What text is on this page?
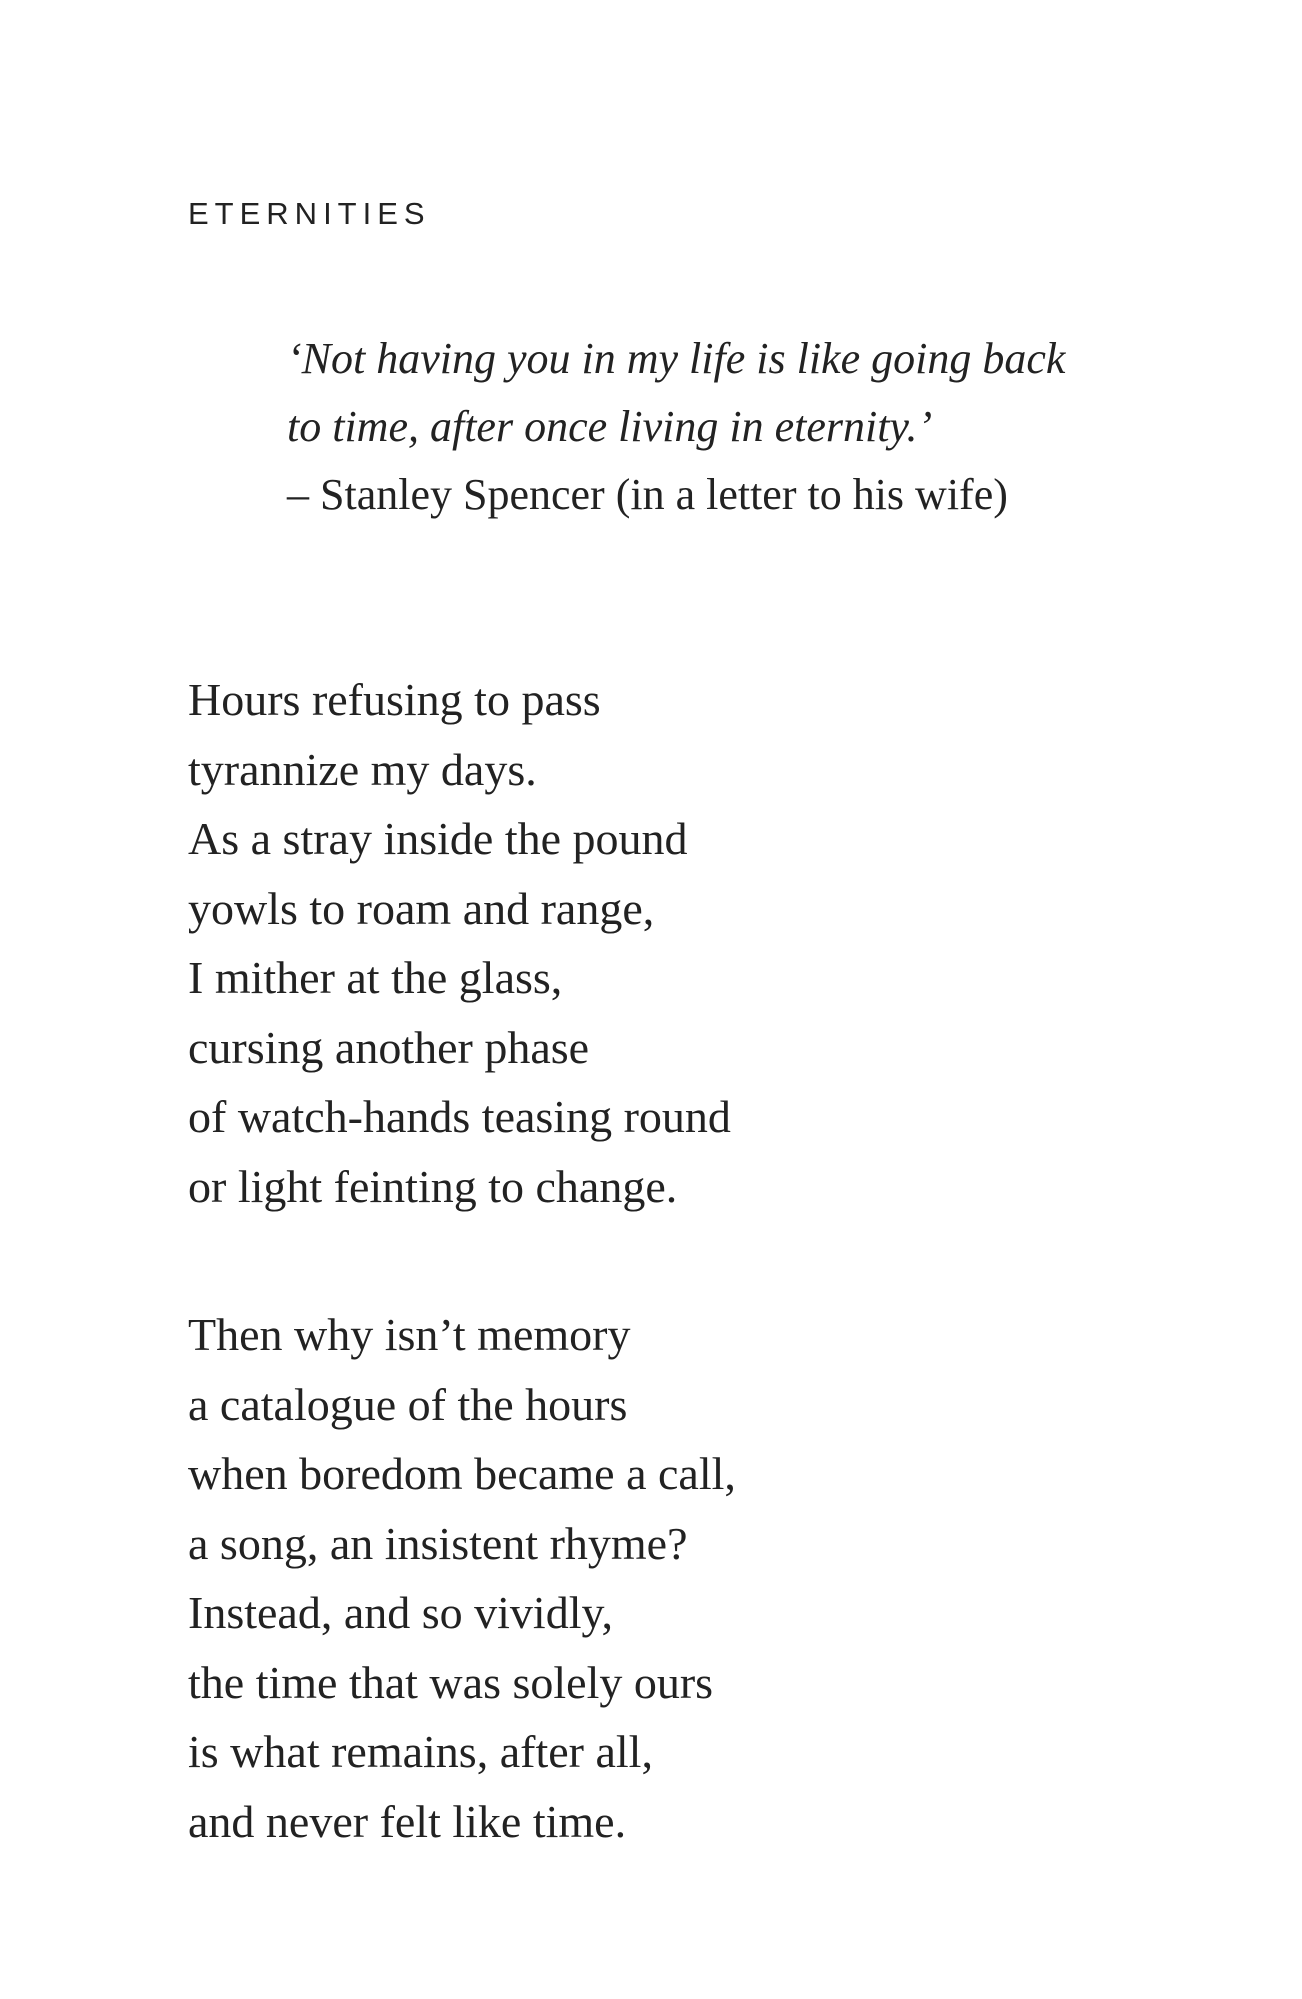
ETERNITIES
‘Not having you in my life is like going back
to time, after once living in eternity.’
– Stanley Spencer (in a letter to his wife)
Hours refusing to pass
tyrannize my days.
As a stray inside the pound
yowls to roam and range,
I mither at the glass,
cursing another phase
of watch-hands teasing round
or light feinting to change.
Then why isn’t memory
a catalogue of the hours
when boredom became a call,
a song, an insistent rhyme?
Instead, and so vividly,
the time that was solely ours
is what remains, after all,
and never felt like time.
